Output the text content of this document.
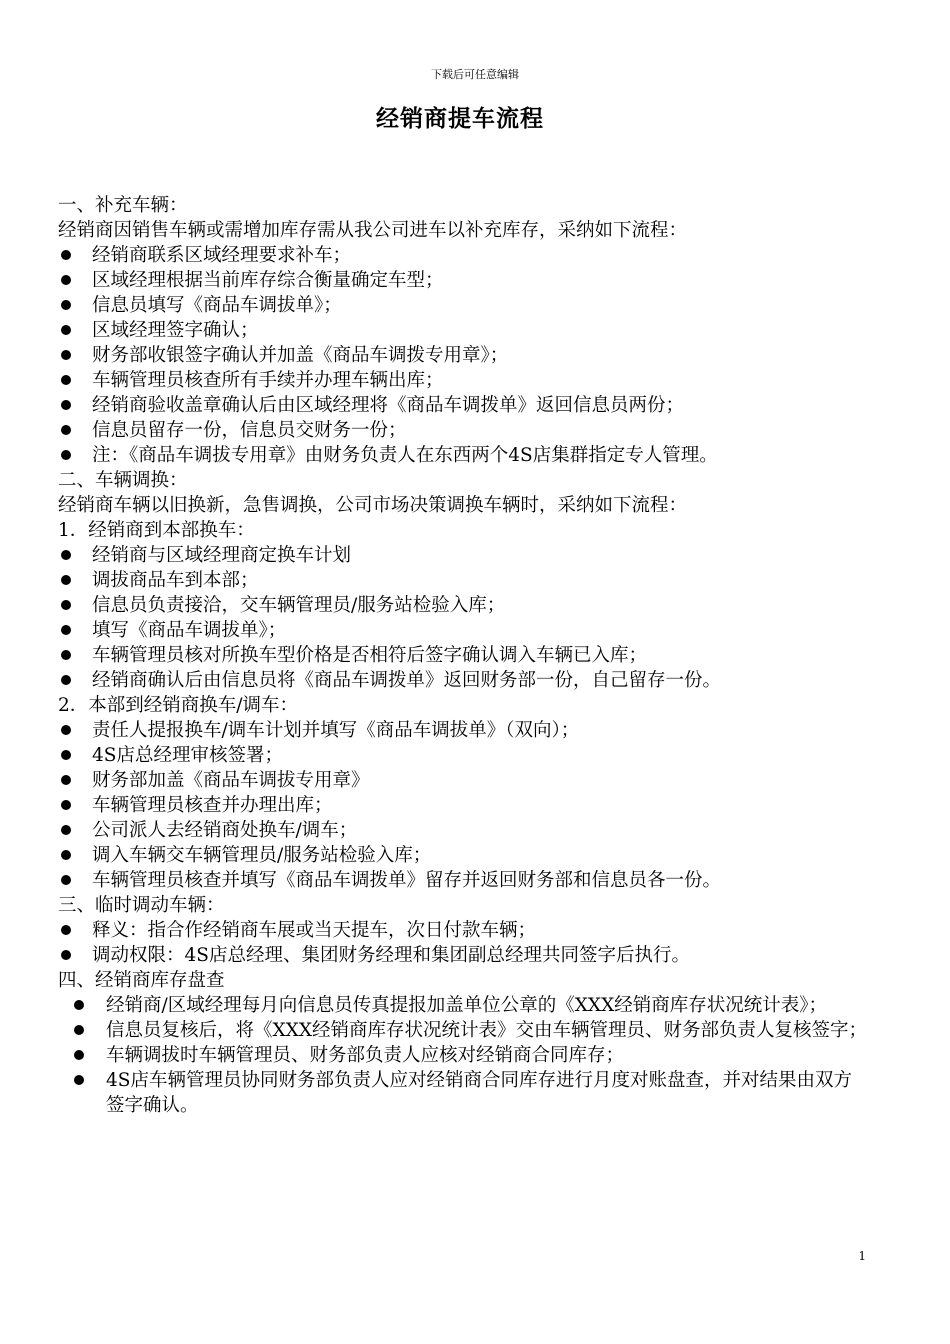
下载后可任意编辑
经销商提车流程
一、补充车辆：
经销商因销售车辆或需增加库存需从我公司进车以补充库存，采纳如下流程：
经销商联系区域经理要求补车；
区域经理根据当前库存综合衡量确定车型；
信息员填写《商品车调拔单》；
区域经理签字确认；
财务部收银签字确认并加盖《商品车调拨专用章》；
车辆管理员核查所有手续并办理车辆出库；
经销商验收盖章确认后由区域经理将《商品车调拨单》返回信息员两份；
信息员留存一份，信息员交财务一份；
注：《商品车调拔专用章》由财务负责人在东西两个4S店集群指定专人管理。
二、车辆调换：
经销商车辆以旧换新，急售调换，公司市场决策调换车辆时，采纳如下流程：
1．经销商到本部换车：
经销商与区域经理商定换车计划
调拔商品车到本部；
信息员负责接洽，交车辆管理员/服务站检验入库；
填写《商品车调拔单》；
车辆管理员核对所换车型价格是否相符后签字确认调入车辆已入库；
经销商确认后由信息员将《商品车调拨单》返回财务部一份，自己留存一份。
2．本部到经销商换车/调车：
责任人提报换车/调车计划并填写《商品车调拔单》（双向）；
4S店总经理审核签署；
财务部加盖《商品车调拔专用章》
车辆管理员核查并办理出库；
公司派人去经销商处换车/调车；
调入车辆交车辆管理员/服务站检验入库；
车辆管理员核查并填写《商品车调拨单》留存并返回财务部和信息员各一份。
三、临时调动车辆：
释义：指合作经销商车展或当天提车，次日付款车辆；
调动权限：4S店总经理、集团财务经理和集团副总经理共同签字后执行。
四、经销商库存盘查
经销商/区域经理每月向信息员传真提报加盖单位公章的《XXX经销商库存状况统计表》；
信息员复核后，将《XXX经销商库存状况统计表》交由车辆管理员、财务部负责人复核签字；
车辆调拔时车辆管理员、财务部负责人应核对经销商合同库存；
4S店车辆管理员协同财务部负责人应对经销商合同库存进行月度对账盘查，并对结果由双方签字确认。
1
